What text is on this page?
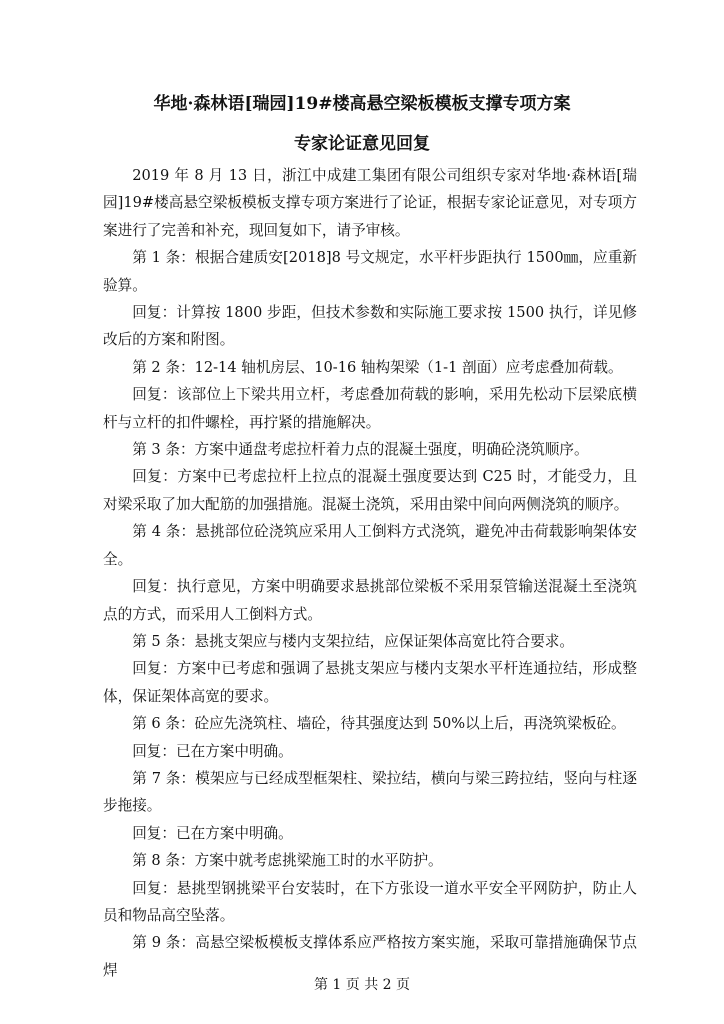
华地·森林语[瑞园]19#楼高悬空梁板模板支撑专项方案
专家论证意见回复

2019 年 8 月 13 日，浙江中成建工集团有限公司组织专家对华地·森林语[瑞园]19#楼高悬空梁板模板支撑专项方案进行了论证，根据专家论证意见，对专项方案进行了完善和补充，现回复如下，请予审核。

第 1 条：根据合建质安[2018]8 号文规定，水平杆步距执行 1500㎜，应重新验算。

回复：计算按 1800 步距，但技术参数和实际施工要求按 1500 执行，详见修改后的方案和附图。

第 2 条：12-14 轴机房层、10-16 轴构架梁（1-1 剖面）应考虑叠加荷载。

回复：该部位上下梁共用立杆，考虑叠加荷载的影响，采用先松动下层梁底横杆与立杆的扣件螺栓，再拧紧的措施解决。

第 3 条：方案中通盘考虑拉杆着力点的混凝土强度，明确砼浇筑顺序。

回复：方案中已考虑拉杆上拉点的混凝土强度要达到 C25 时，才能受力，且对梁采取了加大配筋的加强措施。混凝土浇筑，采用由梁中间向两侧浇筑的顺序。

第 4 条：悬挑部位砼浇筑应采用人工倒料方式浇筑，避免冲击荷载影响架体安全。

回复：执行意见，方案中明确要求悬挑部位梁板不采用泵管输送混凝土至浇筑点的方式，而采用人工倒料方式。

第 5 条：悬挑支架应与楼内支架拉结，应保证架体高宽比符合要求。

回复：方案中已考虑和强调了悬挑支架应与楼内支架水平杆连通拉结，形成整体，保证架体高宽的要求。

第 6 条：砼应先浇筑柱、墙砼，待其强度达到 50%以上后，再浇筑梁板砼。

回复：已在方案中明确。

第 7 条：模架应与已经成型框架柱、梁拉结，横向与梁三跨拉结，竖向与柱逐步拖接。

回复：已在方案中明确。

第 8 条：方案中就考虑挑梁施工时的水平防护。

回复：悬挑型钢挑梁平台安装时，在下方张设一道水平安全平网防护，防止人员和物品高空坠落。

第 9 条：高悬空梁板模板支撑体系应严格按方案实施，采取可靠措施确保节点焊

第 1 页 共 2 页
